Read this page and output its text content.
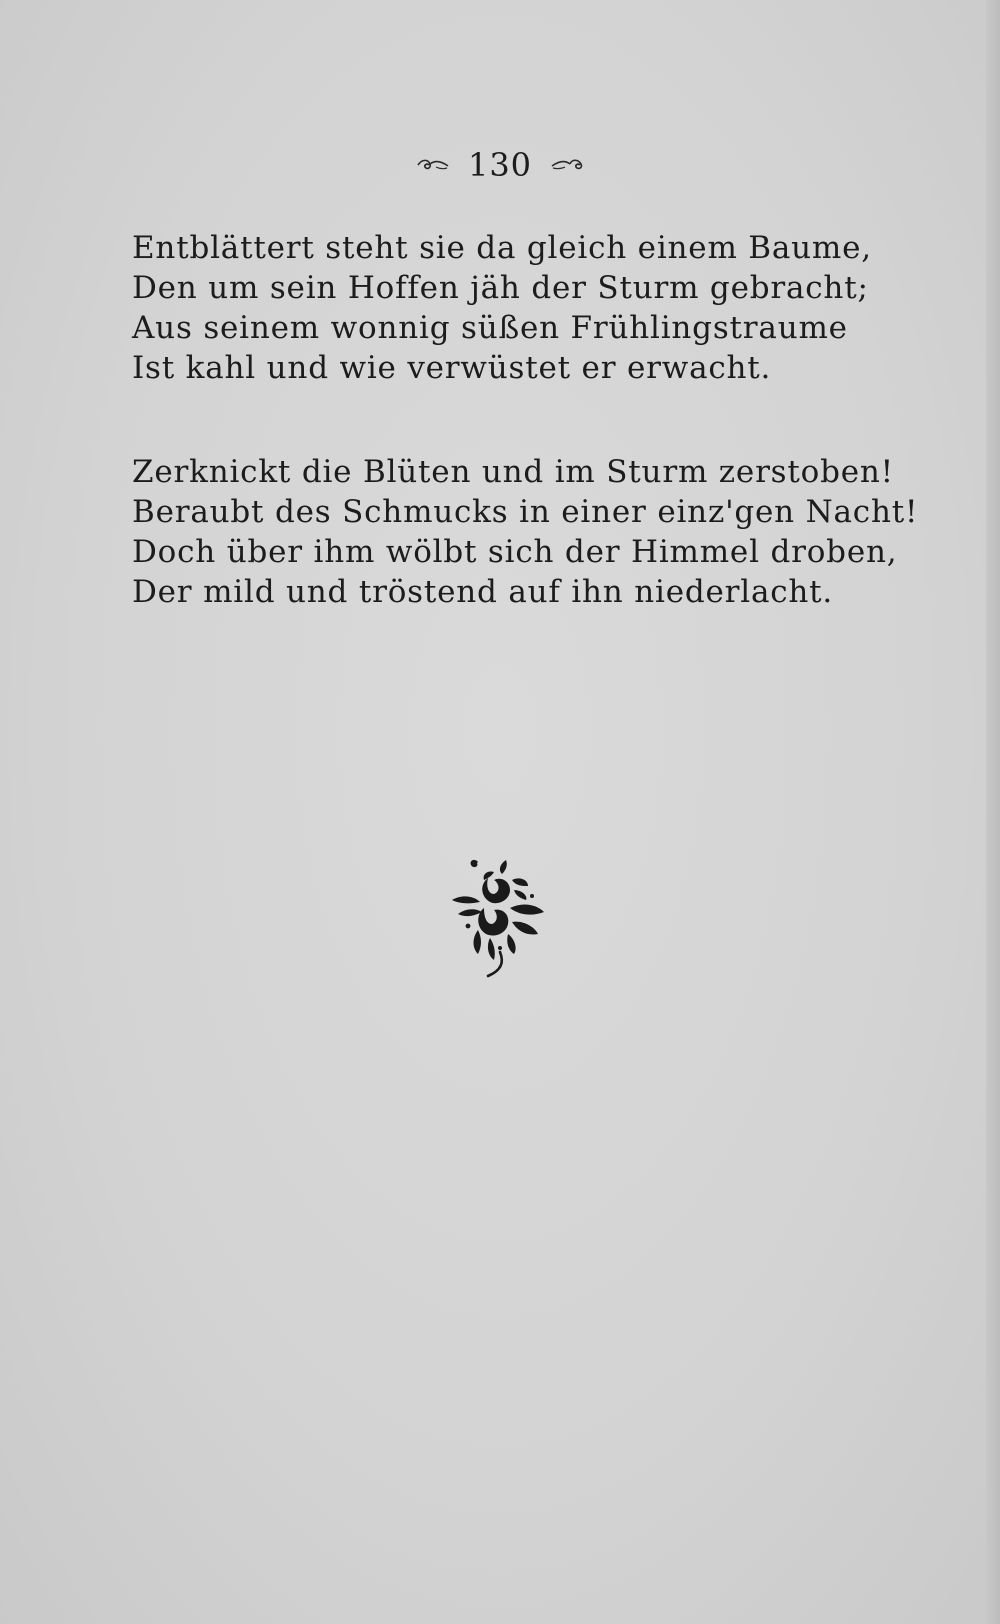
130
Entblättert steht sie da gleich einem Baume,
Den um sein Hoffen jäh der Sturm gebracht;
Aus seinem wonnig süßen Frühlingstraume
Ist kahl und wie verwüstet er erwacht.
Zerknickt die Blüten und im Sturm zerstoben!
Beraubt des Schmucks in einer einz'gen Nacht!
Doch über ihm wölbt sich der Himmel droben,
Der mild und tröstend auf ihn niederlacht.
